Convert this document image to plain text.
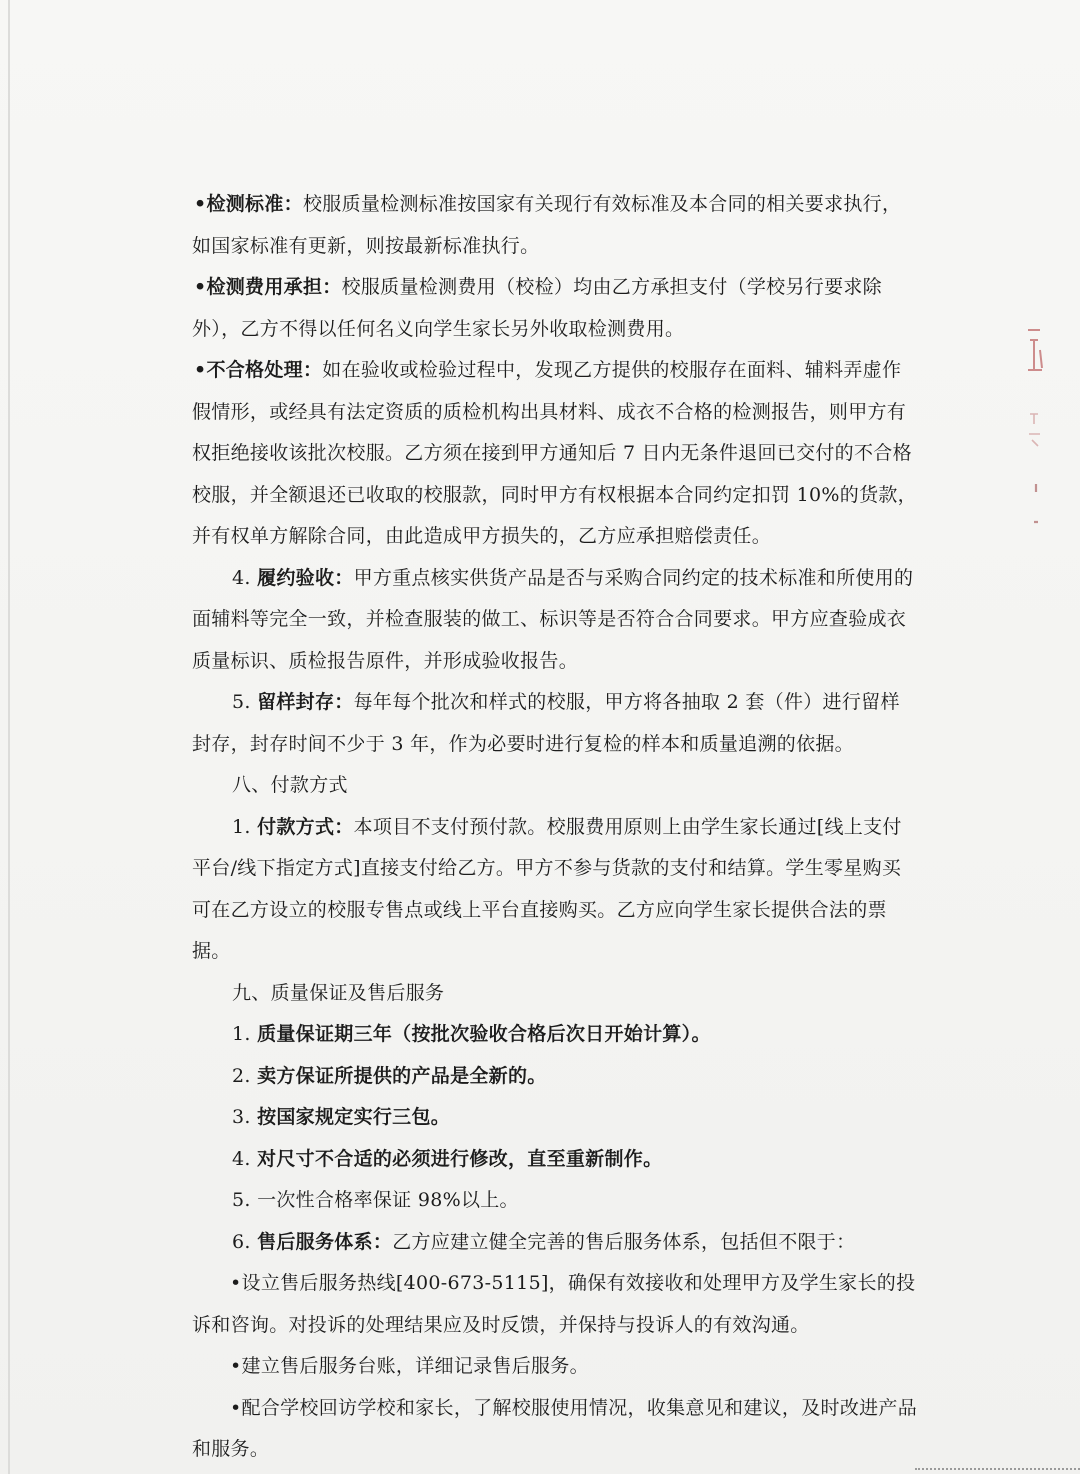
•检测标准：校服质量检测标准按国家有关现行有效标准及本合同的相关要求执行，如国家标准有更新，则按最新标准执行。

•检测费用承担：校服质量检测费用（校检）均由乙方承担支付（学校另行要求除外），乙方不得以任何名义向学生家长另外收取检测费用。

•不合格处理：如在验收或检验过程中，发现乙方提供的校服存在面料、辅料弄虚作假情形，或经具有法定资质的质检机构出具材料、成衣不合格的检测报告，则甲方有权拒绝接收该批次校服。乙方须在接到甲方通知后 7 日内无条件退回已交付的不合格校服，并全额退还已收取的校服款，同时甲方有权根据本合同约定扣罚 10%的货款，并有权单方解除合同，由此造成甲方损失的，乙方应承担赔偿责任。

4. 履约验收：甲方重点核实供货产品是否与采购合同约定的技术标准和所使用的面辅料等完全一致，并检查服装的做工、标识等是否符合合同要求。甲方应查验成衣质量标识、质检报告原件，并形成验收报告。

5. 留样封存：每年每个批次和样式的校服，甲方将各抽取 2 套（件）进行留样封存，封存时间不少于 3 年，作为必要时进行复检的样本和质量追溯的依据。

八、付款方式

1. 付款方式：本项目不支付预付款。校服费用原则上由学生家长通过[线上支付平台/线下指定方式]直接支付给乙方。甲方不参与货款的支付和结算。学生零星购买可在乙方设立的校服专售点或线上平台直接购买。乙方应向学生家长提供合法的票据。

九、质量保证及售后服务

1. 质量保证期三年（按批次验收合格后次日开始计算）。

2. 卖方保证所提供的产品是全新的。

3. 按国家规定实行三包。

4. 对尺寸不合适的必须进行修改，直至重新制作。

5. 一次性合格率保证 98%以上。

6. 售后服务体系：乙方应建立健全完善的售后服务体系，包括但不限于：

•设立售后服务热线[400-673-5115]，确保有效接收和处理甲方及学生家长的投诉和咨询。对投诉的处理结果应及时反馈，并保持与投诉人的有效沟通。

•建立售后服务台账，详细记录售后服务。

•配合学校回访学校和家长，了解校服使用情况，收集意见和建议，及时改进产品和服务。
